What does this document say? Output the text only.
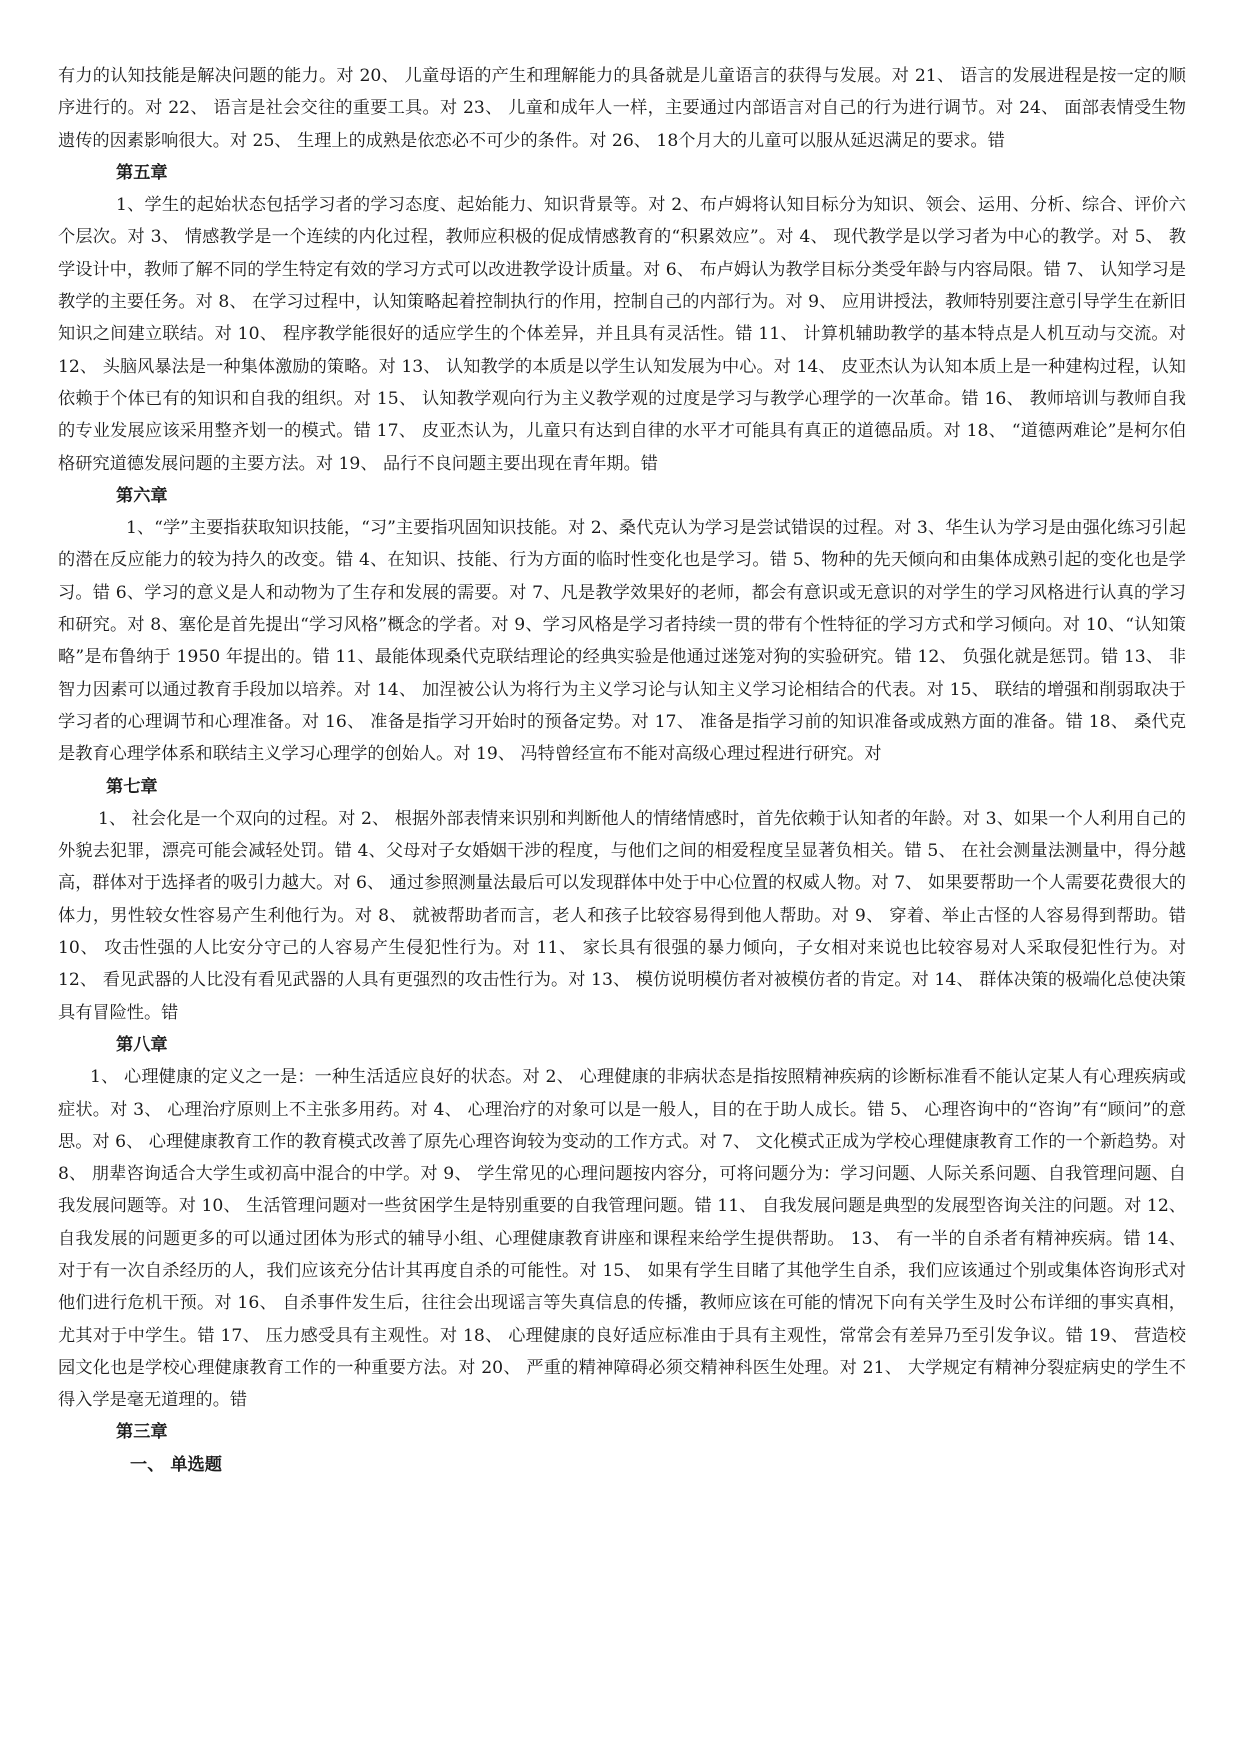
有力的认知技能是解决问题的能力。对 20、 儿童母语的产生和理解能力的具备就是儿童语言的获得与发展。对 21、 语言的发展进程是按一定的顺序进行的。对 22、 语言是社会交往的重要工具。对 23、 儿童和成年人一样，主要通过内部语言对自己的行为进行调节。对 24、 面部表情受生物遗传的因素影响很大。对 25、 生理上的成熟是依恋必不可少的条件。对 26、 18个月大的儿童可以服从延迟满足的要求。错

第五章

1、学生的起始状态包括学习者的学习态度、起始能力、知识背景等。对 2、布卢姆将认知目标分为知识、领会、运用、分析、综合、评价六个层次。对 3、 情感教学是一个连续的内化过程，教师应积极的促成情感教育的“积累效应”。对 4、 现代教学是以学习者为中心的教学。对 5、 教学设计中，教师了解不同的学生特定有效的学习方式可以改进教学设计质量。对 6、 布卢姆认为教学目标分类受年龄与内容局限。错 7、 认知学习是教学的主要任务。对 8、 在学习过程中，认知策略起着控制执行的作用，控制自己的内部行为。对 9、 应用讲授法，教师特别要注意引导学生在新旧知识之间建立联结。对 10、 程序教学能很好的适应学生的个体差异，并且具有灵活性。错 11、 计算机辅助教学的基本特点是人机互动与交流。对 12、 头脑风暴法是一种集体激励的策略。对 13、 认知教学的本质是以学生认知发展为中心。对 14、 皮亚杰认为认知本质上是一种建构过程，认知依赖于个体已有的知识和自我的组织。对 15、 认知教学观向行为主义教学观的过度是学习与教学心理学的一次革命。错 16、 教师培训与教师自我的专业发展应该采用整齐划一的模式。错 17、 皮亚杰认为，儿童只有达到自律的水平才可能具有真正的道德品质。对 18、 “道德两难论”是柯尔伯格研究道德发展问题的主要方法。对 19、 品行不良问题主要出现在青年期。错

第六章

1、“学”主要指获取知识技能，“习”主要指巩固知识技能。对 2、桑代克认为学习是尝试错误的过程。对 3、华生认为学习是由强化练习引起的潜在反应能力的较为持久的改变。错 4、在知识、技能、行为方面的临时性变化也是学习。错 5、物种的先天倾向和由集体成熟引起的变化也是学习。错 6、学习的意义是人和动物为了生存和发展的需要。对 7、凡是教学效果好的老师，都会有意识或无意识的对学生的学习风格进行认真的学习和研究。对 8、塞伦是首先提出“学习风格”概念的学者。对 9、学习风格是学习者持续一贯的带有个性特征的学习方式和学习倾向。对 10、“认知策略”是布鲁纳于 1950 年提出的。错 11、最能体现桑代克联结理论的经典实验是他通过迷笼对狗的实验研究。错 12、 负强化就是惩罚。错 13、 非智力因素可以通过教育手段加以培养。对 14、 加涅被公认为将行为主义学习论与认知主义学习论相结合的代表。对 15、 联结的增强和削弱取决于学习者的心理调节和心理准备。对 16、 准备是指学习开始时的预备定势。对 17、 准备是指学习前的知识准备或成熟方面的准备。错 18、 桑代克是教育心理学体系和联结主义学习心理学的创始人。对 19、 冯特曾经宣布不能对高级心理过程进行研究。对

第七章

1、 社会化是一个双向的过程。对 2、 根据外部表情来识别和判断他人的情绪情感时，首先依赖于认知者的年龄。对 3、如果一个人利用自己的外貌去犯罪，漂亮可能会减轻处罚。错 4、父母对子女婚姻干涉的程度，与他们之间的相爱程度呈显著负相关。错 5、 在社会测量法测量中，得分越高，群体对于选择者的吸引力越大。对 6、 通过参照测量法最后可以发现群体中处于中心位置的权威人物。对 7、 如果要帮助一个人需要花费很大的体力，男性较女性容易产生利他行为。对 8、 就被帮助者而言，老人和孩子比较容易得到他人帮助。对 9、 穿着、举止古怪的人容易得到帮助。错 10、 攻击性强的人比安分守己的人容易产生侵犯性行为。对 11、 家长具有很强的暴力倾向，子女相对来说也比较容易对人采取侵犯性行为。对 12、 看见武器的人比没有看见武器的人具有更强烈的攻击性行为。对 13、 模仿说明模仿者对被模仿者的肯定。对 14、 群体决策的极端化总使决策具有冒险性。错

第八章

1、 心理健康的定义之一是：一种生活适应良好的状态。对 2、 心理健康的非病状态是指按照精神疾病的诊断标准看不能认定某人有心理疾病或症状。对 3、 心理治疗原则上不主张多用药。对 4、 心理治疗的对象可以是一般人，目的在于助人成长。错 5、 心理咨询中的“咨询”有“顾问”的意思。对 6、 心理健康教育工作的教育模式改善了原先心理咨询较为变动的工作方式。对 7、 文化模式正成为学校心理健康教育工作的一个新趋势。对 8、 朋辈咨询适合大学生或初高中混合的中学。对 9、 学生常见的心理问题按内容分，可将问题分为：学习问题、人际关系问题、自我管理问题、自我发展问题等。对 10、 生活管理问题对一些贫困学生是特别重要的自我管理问题。错 11、 自我发展问题是典型的发展型咨询关注的问题。对 12、 自我发展的问题更多的可以通过团体为形式的辅导小组、心理健康教育讲座和课程来给学生提供帮助。 13、 有一半的自杀者有精神疾病。错 14、 对于有一次自杀经历的人，我们应该充分估计其再度自杀的可能性。对 15、 如果有学生目睹了其他学生自杀，我们应该通过个别或集体咨询形式对他们进行危机干预。对 16、 自杀事件发生后，往往会出现谣言等失真信息的传播，教师应该在可能的情况下向有关学生及时公布详细的事实真相，尤其对于中学生。错 17、 压力感受具有主观性。对 18、 心理健康的良好适应标准由于具有主观性，常常会有差异乃至引发争议。错 19、 营造校园文化也是学校心理健康教育工作的一种重要方法。对 20、 严重的精神障碍必须交精神科医生处理。对 21、 大学规定有精神分裂症病史的学生不得入学是毫无道理的。错

第三章

一、 单选题
